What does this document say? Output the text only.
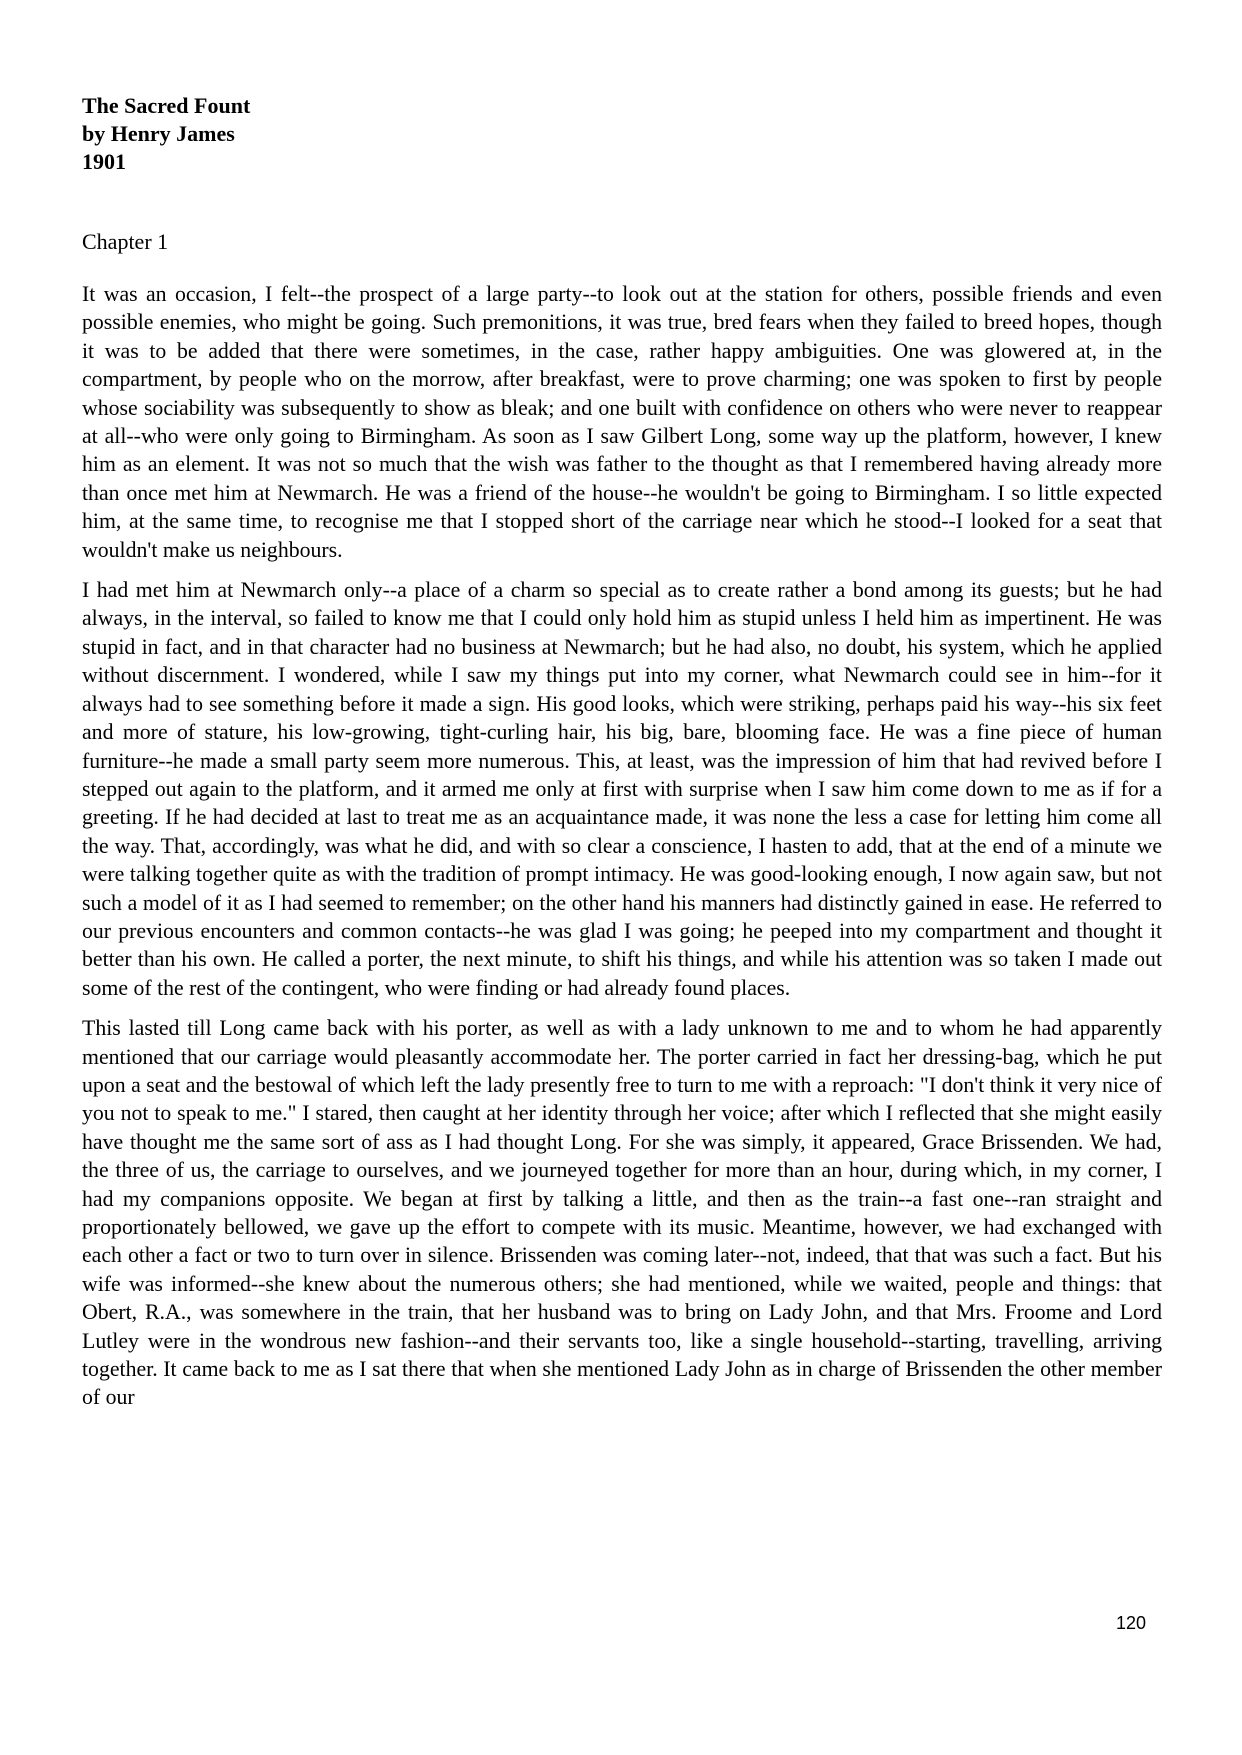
The Sacred Fount
by Henry James
1901
Chapter 1

It was an occasion, I felt--the prospect of a large party--to look out at the station for others, possible friends and even possible enemies, who might be going. Such premonitions, it was true, bred fears when they failed to breed hopes, though it was to be added that there were sometimes, in the case, rather happy ambiguities. One was glowered at, in the compartment, by people who on the morrow, after breakfast, were to prove charming; one was spoken to first by people whose sociability was subsequently to show as bleak; and one built with confidence on others who were never to reappear at all--who were only going to Birmingham. As soon as I saw Gilbert Long, some way up the platform, however, I knew him as an element. It was not so much that the wish was father to the thought as that I remembered having already more than once met him at Newmarch. He was a friend of the house--he wouldn't be going to Birmingham. I so little expected him, at the same time, to recognise me that I stopped short of the carriage near which he stood--I looked for a seat that wouldn't make us neighbours.

I had met him at Newmarch only--a place of a charm so special as to create rather a bond among its guests; but he had always, in the interval, so failed to know me that I could only hold him as stupid unless I held him as impertinent. He was stupid in fact, and in that character had no business at Newmarch; but he had also, no doubt, his system, which he applied without discernment. I wondered, while I saw my things put into my corner, what Newmarch could see in him--for it always had to see something before it made a sign. His good looks, which were striking, perhaps paid his way--his six feet and more of stature, his low-growing, tight-curling hair, his big, bare, blooming face. He was a fine piece of human furniture--he made a small party seem more numerous. This, at least, was the impression of him that had revived before I stepped out again to the platform, and it armed me only at first with surprise when I saw him come down to me as if for a greeting. If he had decided at last to treat me as an acquaintance made, it was none the less a case for letting him come all the way. That, accordingly, was what he did, and with so clear a conscience, I hasten to add, that at the end of a minute we were talking together quite as with the tradition of prompt intimacy. He was good-looking enough, I now again saw, but not such a model of it as I had seemed to remember; on the other hand his manners had distinctly gained in ease. He referred to our previous encounters and common contacts--he was glad I was going; he peeped into my compartment and thought it better than his own. He called a porter, the next minute, to shift his things, and while his attention was so taken I made out some of the rest of the contingent, who were finding or had already found places.

This lasted till Long came back with his porter, as well as with a lady unknown to me and to whom he had apparently mentioned that our carriage would pleasantly accommodate her. The porter carried in fact her dressing-bag, which he put upon a seat and the bestowal of which left the lady presently free to turn to me with a reproach: "I don't think it very nice of you not to speak to me." I stared, then caught at her identity through her voice; after which I reflected that she might easily have thought me the same sort of ass as I had thought Long. For she was simply, it appeared, Grace Brissenden. We had, the three of us, the carriage to ourselves, and we journeyed together for more than an hour, during which, in my corner, I had my companions opposite. We began at first by talking a little, and then as the train--a fast one--ran straight and proportionately bellowed, we gave up the effort to compete with its music. Meantime, however, we had exchanged with each other a fact or two to turn over in silence. Brissenden was coming later--not, indeed, that that was such a fact. But his wife was informed--she knew about the numerous others; she had mentioned, while we waited, people and things: that Obert, R.A., was somewhere in the train, that her husband was to bring on Lady John, and that Mrs. Froome and Lord Lutley were in the wondrous new fashion--and their servants too, like a single household--starting, travelling, arriving together. It came back to me as I sat there that when she mentioned Lady John as in charge of Brissenden the other member of our

120
